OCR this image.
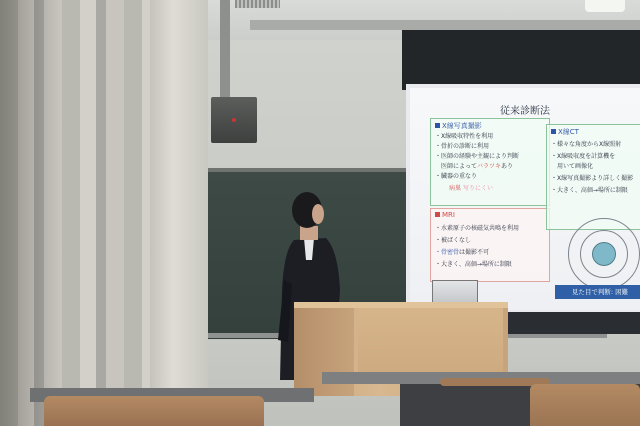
従来診断法
X線写真撮影
・X線吸収特性を利用
・骨折の診断に利用
・医師の経験や主観により判断
　医師によってバラツキあり
・臓器の重なり
病巣 写りにくい
MRI
・水素原子の核磁気共鳴を利用
・被ばくなし
・骨密骨は撮影不可
・大きく、高価→場所に制限
X線CT
・様々な角度からX線照射
・X線吸収度を計算機を
　用いて画像化
・X線写真撮影より詳しく撮影
・大きく、高価→場所に制限
見た目で判断: 困難
